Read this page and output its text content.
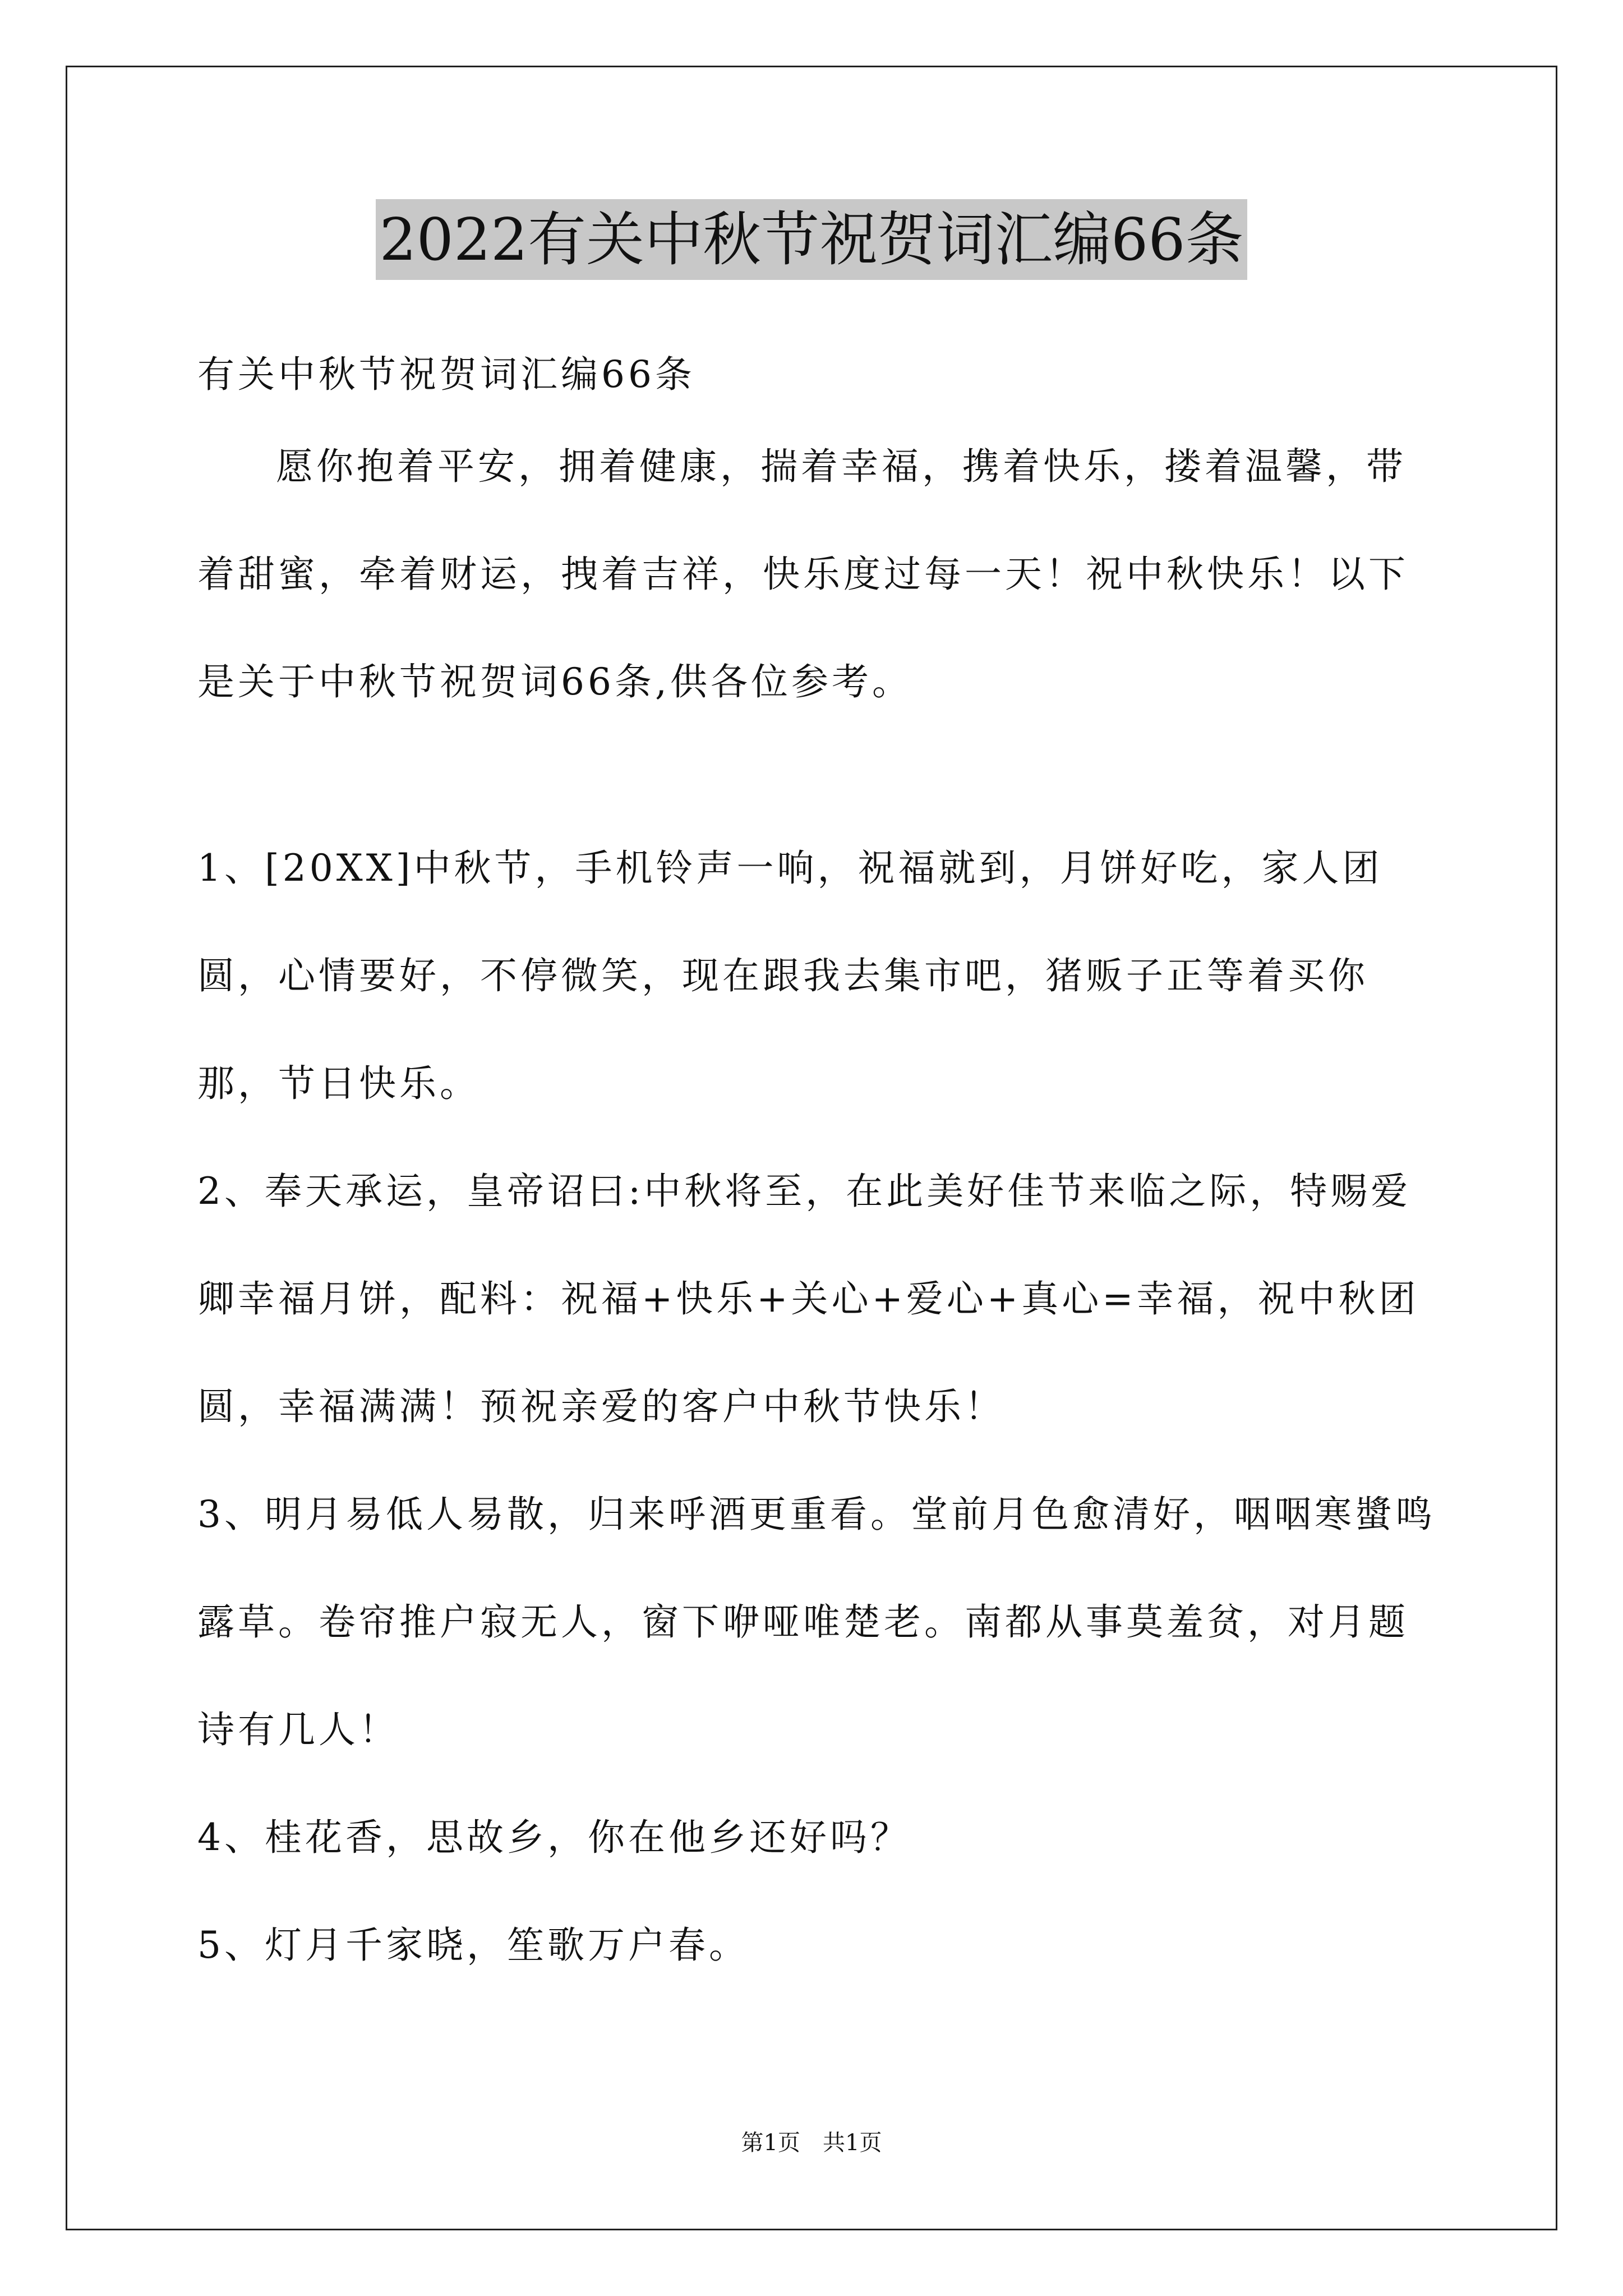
2022有关中秋节祝贺词汇编66条

有关中秋节祝贺词汇编66条

愿你抱着平安，拥着健康，揣着幸福，携着快乐，搂着温馨，带着甜蜜，牵着财运，拽着吉祥，快乐度过每一天！祝中秋快乐！以下是关于中秋节祝贺词66条,供各位参考。

1、[20XX]中秋节，手机铃声一响，祝福就到，月饼好吃，家人团圆，心情要好，不停微笑，现在跟我去集市吧，猪贩子正等着买你那，节日快乐。

2、奉天承运，皇帝诏曰:中秋将至，在此美好佳节来临之际，特赐爱卿幸福月饼，配料：祝福+快乐+关心+爱心+真心=幸福，祝中秋团圆，幸福满满！预祝亲爱的客户中秋节快乐！

3、明月易低人易散，归来呼酒更重看。堂前月色愈清好，咽咽寒螿鸣露草。卷帘推户寂无人，窗下咿哑唯楚老。南都从事莫羞贫，对月题诗有几人！

4、桂花香，思故乡，你在他乡还好吗？

5、灯月千家晓，笙歌万户春。

第1页　共1页
